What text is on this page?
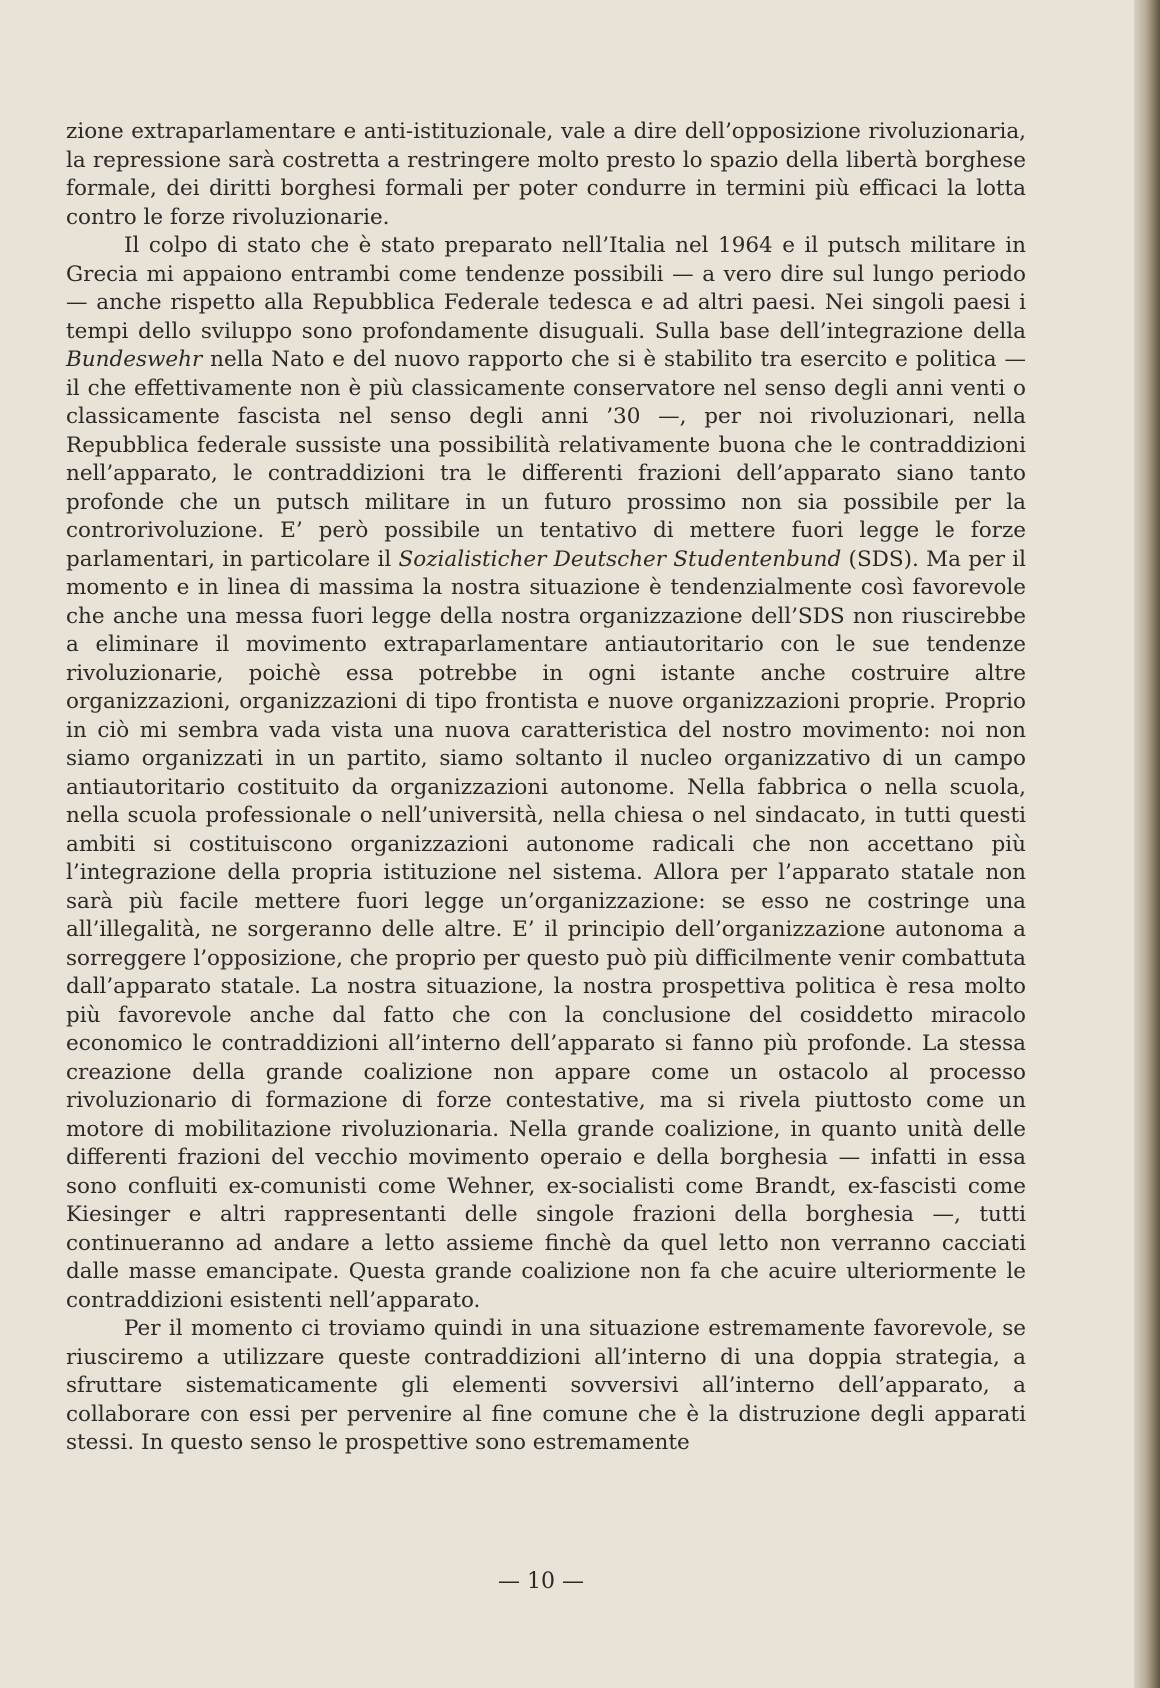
zione extraparlamentare e anti-istituzionale, vale a dire dell’opposizione rivoluzionaria, la repressione sarà costretta a restringere molto presto lo spazio della libertà borghese formale, dei diritti borghesi formali per poter condurre in termini più efficaci la lotta contro le forze rivoluzionarie.

Il colpo di stato che è stato preparato nell’Italia nel 1964 e il putsch militare in Grecia mi appaiono entrambi come tendenze possibili — a vero dire sul lungo periodo — anche rispetto alla Repubblica Federale tedesca e ad altri paesi. Nei singoli paesi i tempi dello sviluppo sono profondamente disuguali. Sulla base dell’integrazione della Bundeswehr nella Nato e del nuovo rapporto che si è stabilito tra esercito e politica — il che effettivamente non è più classicamente conservatore nel senso degli anni venti o classicamente fascista nel senso degli anni ’30 —, per noi rivoluzionari, nella Repubblica federale sussiste una possibilità relativamente buona che le contraddizioni nell’apparato, le contraddizioni tra le differenti frazioni dell’apparato siano tanto profonde che un putsch militare in un futuro prossimo non sia possibile per la controrivoluzione. E’ però possibile un tentativo di mettere fuori legge le forze parlamentari, in particolare il Sozialisticher Deutscher Studentenbund (SDS). Ma per il momento e in linea di massima la nostra situazione è tendenzialmente così favorevole che anche una messa fuori legge della nostra organizzazione dell’SDS non riuscirebbe a eliminare il movimento extraparlamentare antiautoritario con le sue tendenze rivoluzionarie, poichè essa potrebbe in ogni istante anche costruire altre organizzazioni, organizzazioni di tipo frontista e nuove organizzazioni proprie. Proprio in ciò mi sembra vada vista una nuova caratteristica del nostro movimento: noi non siamo organizzati in un partito, siamo soltanto il nucleo organizzativo di un campo antiautoritario costituito da organizzazioni autonome. Nella fabbrica o nella scuola, nella scuola professionale o nell’università, nella chiesa o nel sindacato, in tutti questi ambiti si costituiscono organizzazioni autonome radicali che non accettano più l’integrazione della propria istituzione nel sistema. Allora per l’apparato statale non sarà più facile mettere fuori legge un’organizzazione: se esso ne costringe una all’illegalità, ne sorgeranno delle altre. E’ il principio dell’organizzazione autonoma a sorreggere l’opposizione, che proprio per questo può più difficilmente venir combattuta dall’apparato statale. La nostra situazione, la nostra prospettiva politica è resa molto più favorevole anche dal fatto che con la conclusione del cosiddetto miracolo economico le contraddizioni all’interno dell’apparato si fanno più profonde. La stessa creazione della grande coalizione non appare come un ostacolo al processo rivoluzionario di formazione di forze contestative, ma si rivela piuttosto come un motore di mobilitazione rivoluzionaria. Nella grande coalizione, in quanto unità delle differenti frazioni del vecchio movimento operaio e della borghesia — infatti in essa sono confluiti ex-comunisti come Wehner, ex-socialisti come Brandt, ex-fascisti come Kiesinger e altri rappresentanti delle singole frazioni della borghesia —, tutti continueranno ad andare a letto assieme finchè da quel letto non verranno cacciati dalle masse emancipate. Questa grande coalizione non fa che acuire ulteriormente le contraddizioni esistenti nell’apparato.

Per il momento ci troviamo quindi in una situazione estremamente favorevole, se riusciremo a utilizzare queste contraddizioni all’interno di una doppia strategia, a sfruttare sistematicamente gli elementi sovversivi all’interno dell’apparato, a collaborare con essi per pervenire al fine comune che è la distruzione degli apparati stessi. In questo senso le prospettive sono estremamente

— 10 —
